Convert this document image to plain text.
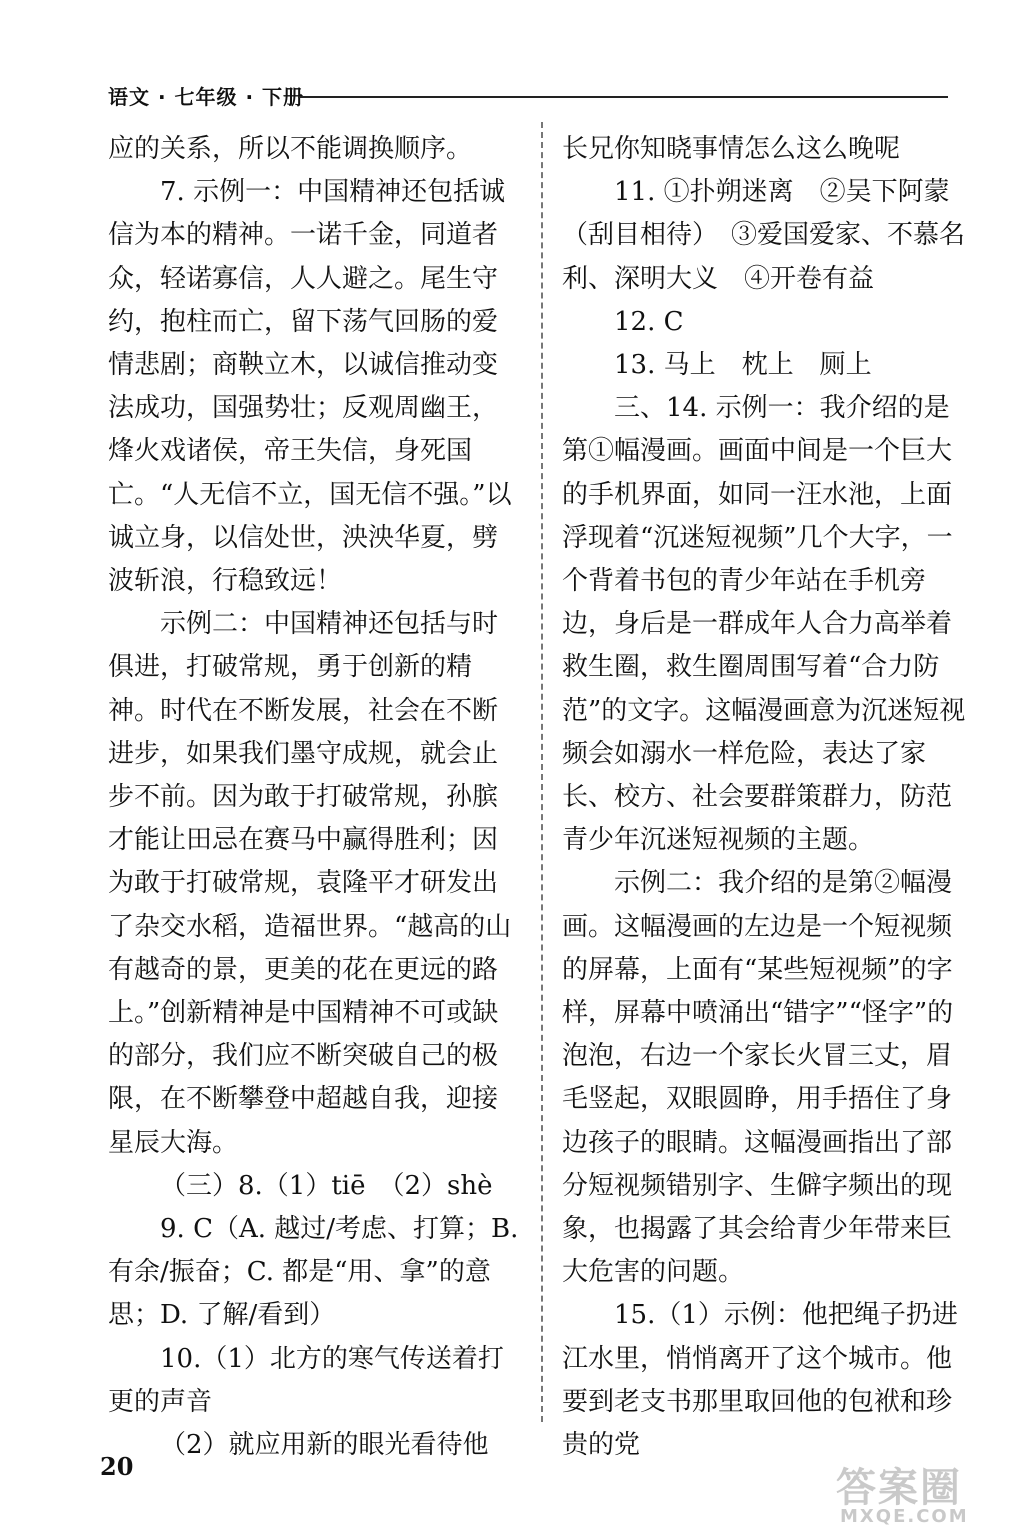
语文 · 七年级 · 下册

应的关系，所以不能调换顺序。

7. 示例一：中国精神还包括诚信为本的精神。一诺千金，同道者众，轻诺寡信，人人避之。尾生守约，抱柱而亡，留下荡气回肠的爱情悲剧；商鞅立木，以诚信推动变法成功，国强势壮；反观周幽王，烽火戏诸侯，帝王失信，身死国亡。“人无信不立，国无信不强。”以诚立身，以信处世，泱泱华夏，劈波斩浪，行稳致远！

示例二：中国精神还包括与时俱进，打破常规，勇于创新的精神。时代在不断发展，社会在不断进步，如果我们墨守成规，就会止步不前。因为敢于打破常规，孙膑才能让田忌在赛马中赢得胜利；因为敢于打破常规，袁隆平才研发出了杂交水稻，造福世界。“越高的山有越奇的景，更美的花在更远的路上。”创新精神是中国精神不可或缺的部分，我们应不断突破自己的极限，在不断攀登中超越自我，迎接星辰大海。

（三）8.（1）tiē　（2）shè

9. C（A. 越过/考虑、打算；B. 有余/振奋；C. 都是“用、拿”的意思；D. 了解/看到）

10.（1）北方的寒气传送着打更的声音

（2）就应用新的眼光看待他

长兄你知晓事情怎么这么晚呢

11. ①扑朔迷离　②吴下阿蒙（刮目相待）　③爱国爱家、不慕名利、深明大义　④开卷有益

12. C

13. 马上　枕上　厕上

三、14. 示例一：我介绍的是第①幅漫画。画面中间是一个巨大的手机界面，如同一汪水池，上面浮现着“沉迷短视频”几个大字，一个背着书包的青少年站在手机旁边，身后是一群成年人合力高举着救生圈，救生圈周围写着“合力防范”的文字。这幅漫画意为沉迷短视频会如溺水一样危险，表达了家长、校方、社会要群策群力，防范青少年沉迷短视频的主题。

示例二：我介绍的是第②幅漫画。这幅漫画的左边是一个短视频的屏幕，上面有“某些短视频”的字样，屏幕中喷涌出“错字”“怪字”的泡泡，右边一个家长火冒三丈，眉毛竖起，双眼圆睁，用手捂住了身边孩子的眼睛。这幅漫画指出了部分短视频错别字、生僻字频出的现象，也揭露了其会给青少年带来巨大危害的问题。

15.（1）示例：他把绳子扔进江水里，悄悄离开了这个城市。他要到老支书那里取回他的包袱和珍贵的党

20	答案圈
MXQE.COM
